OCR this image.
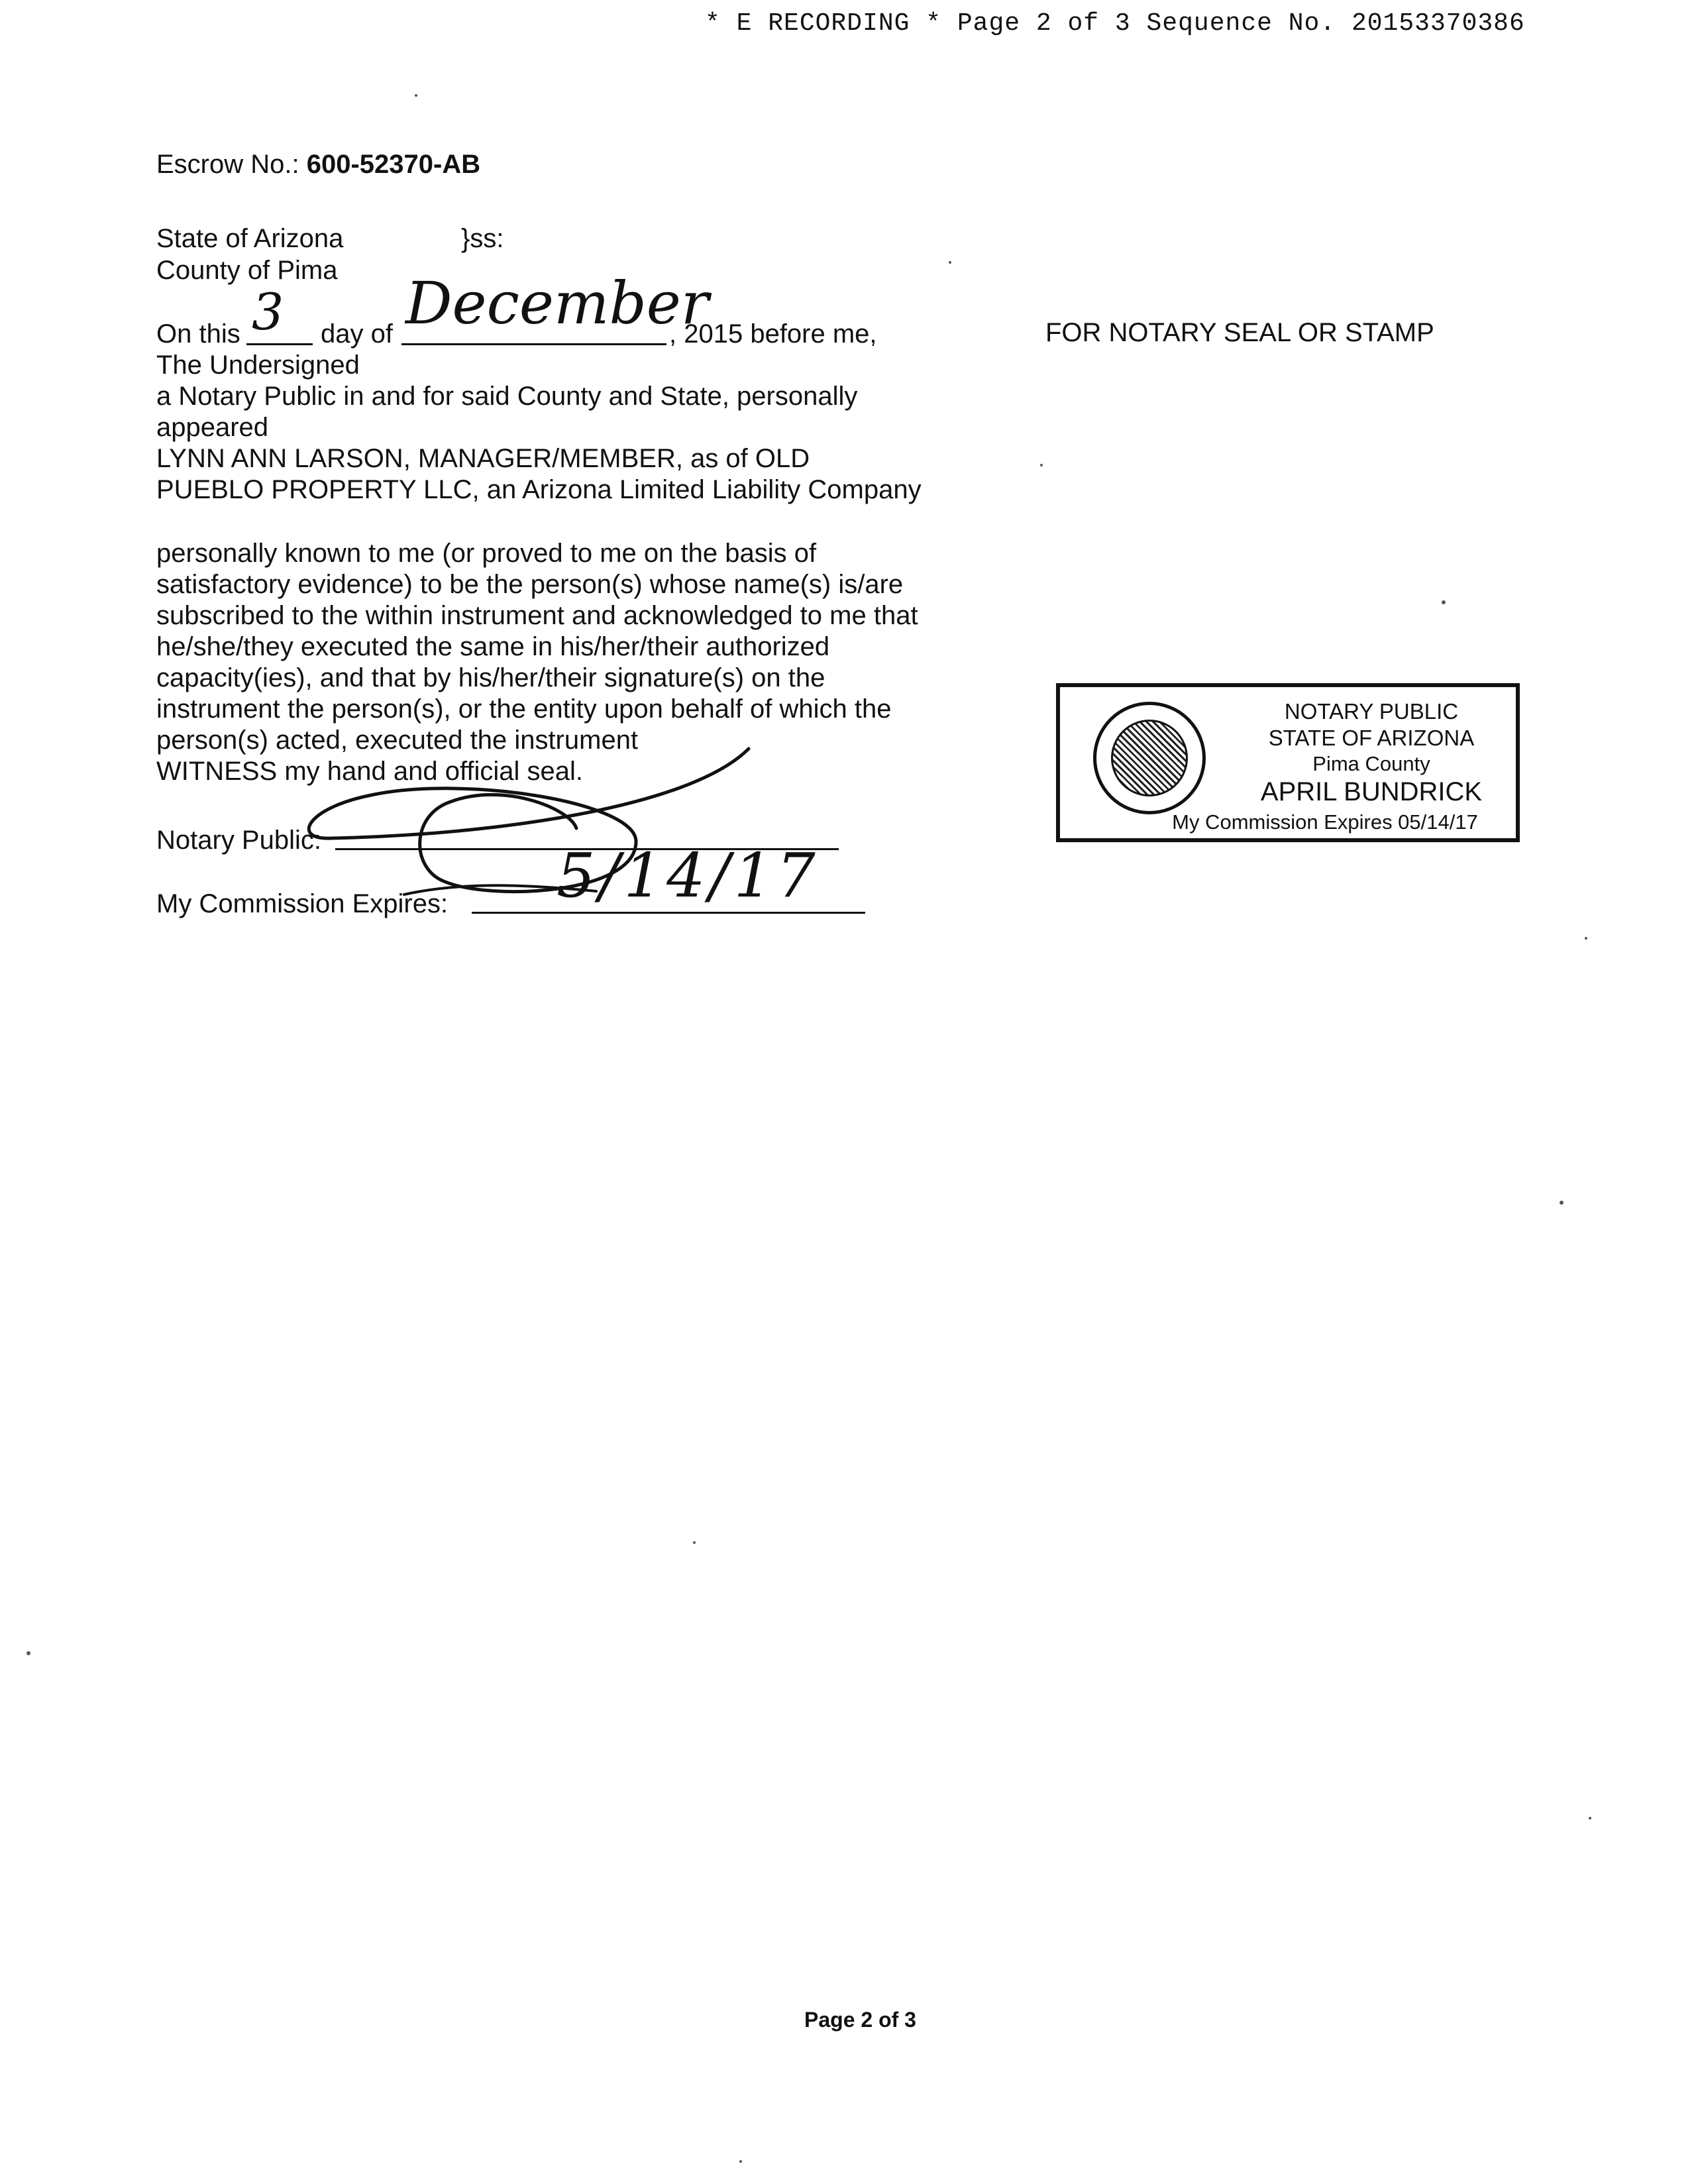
* E RECORDING * Page 2 of 3 Sequence No. 20153370386
Escrow No.: 600-52370-AB
State of Arizona	}ss:
County of Pima
On this 3 day of December
, 2015 before me,
The Undersigned
a Notary Public in and for said County and State, personally
appeared
LYNN ANN LARSON, MANAGER/MEMBER, as of OLD
PUEBLO PROPERTY LLC, an Arizona Limited Liability Company
personally known to me (or proved to me on the basis of
satisfactory evidence) to be the person(s) whose name(s) is/are
subscribed to the within instrument and acknowledged to me that
he/she/they executed the same in his/her/their authorized
capacity(ies), and that by his/her/their signature(s) on the
instrument the person(s), or the entity upon behalf of which the
person(s) acted, executed the instrument
WITNESS my hand and official seal.
Notary Public:
My Commission Expires: 5/14/17
FOR NOTARY SEAL OR STAMP
NOTARY PUBLIC
STATE OF ARIZONA
Pima County
APRIL BUNDRICK
My Commission Expires 05/14/17
Page 2 of 3
